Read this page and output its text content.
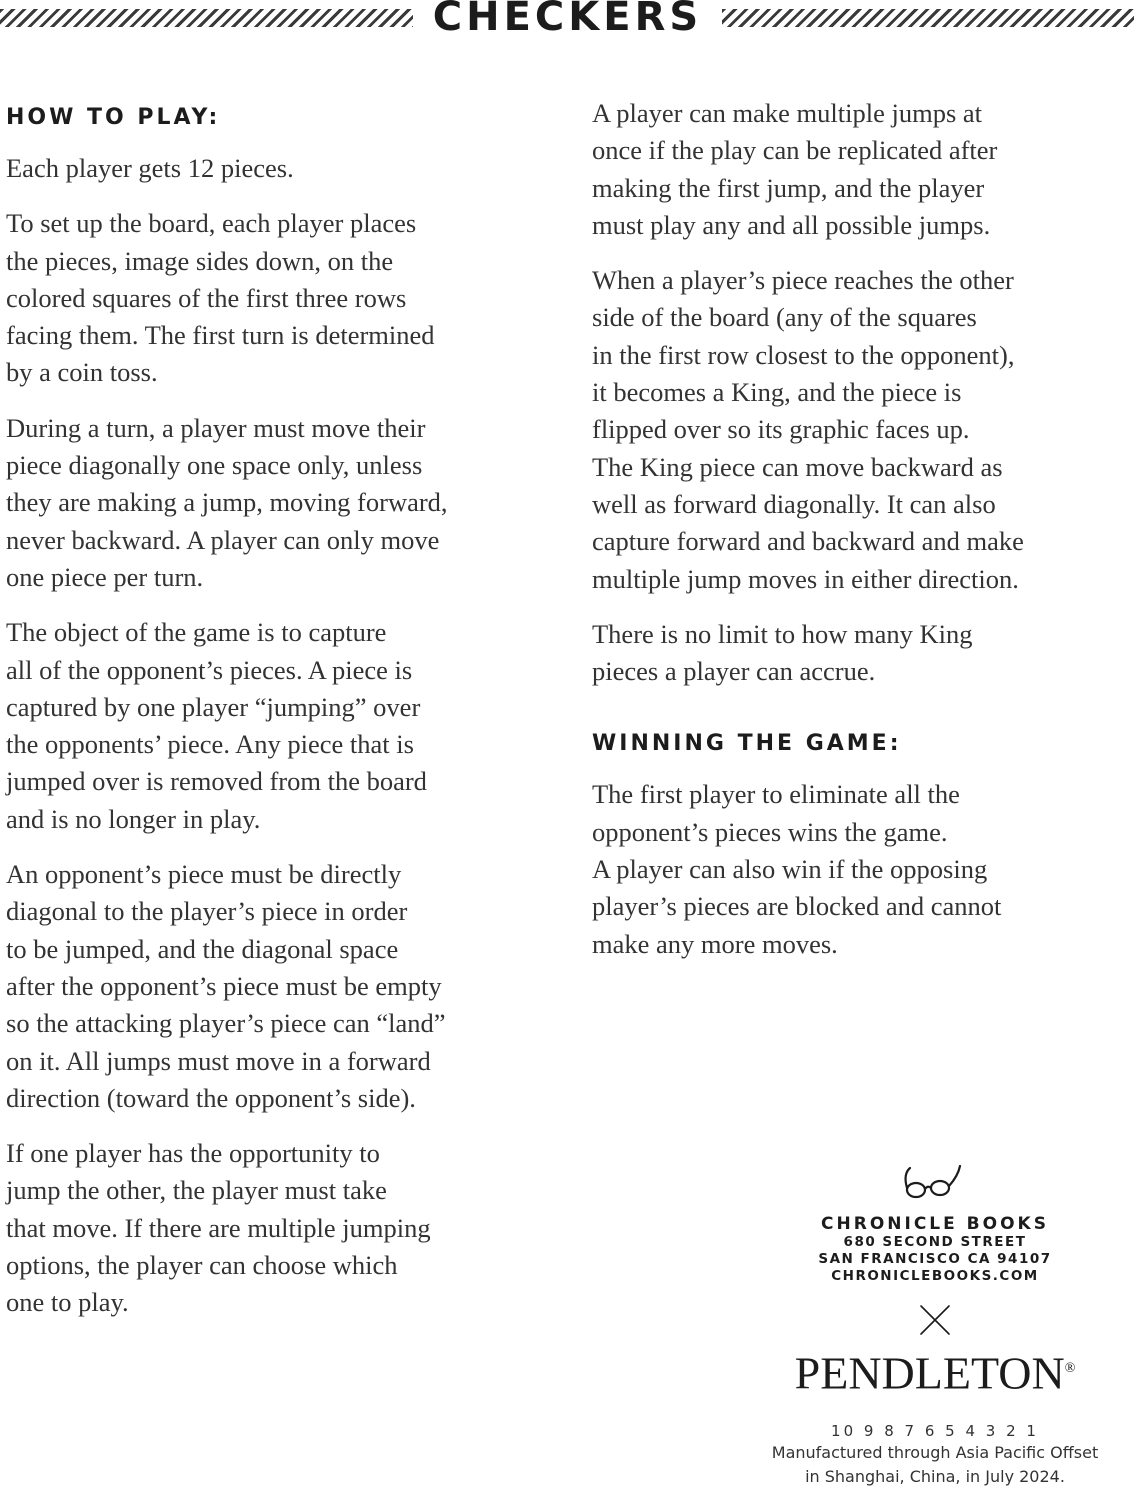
CHECKERS
HOW TO PLAY:

Each player gets 12 pieces.

To set up the board, each player places
the pieces, image sides down, on the
colored squares of the first three rows
facing them. The first turn is determined
by a coin toss.

During a turn, a player must move their
piece diagonally one space only, unless
they are making a jump, moving forward,
never backward. A player can only move
one piece per turn.

The object of the game is to capture
all of the opponent’s pieces. A piece is
captured by one player “jumping” over
the opponents’ piece. Any piece that is
jumped over is removed from the board
and is no longer in play.

An opponent’s piece must be directly
diagonal to the player’s piece in order
to be jumped, and the diagonal space
after the opponent’s piece must be empty
so the attacking player’s piece can “land”
on it. All jumps must move in a forward
direction (toward the opponent’s side).

If one player has the opportunity to
jump the other, the player must take
that move. If there are multiple jumping
options, the player can choose which
one to play.

A player can make multiple jumps at
once if the play can be replicated after
making the first jump, and the player
must play any and all possible jumps.

When a player’s piece reaches the other
side of the board (any of the squares
in the first row closest to the opponent),
it becomes a King, and the piece is
flipped over so its graphic faces up.
The King piece can move backward as
well as forward diagonally. It can also
capture forward and backward and make
multiple jump moves in either direction.

There is no limit to how many King
pieces a player can accrue.

WINNING THE GAME:

The first player to eliminate all the
opponent’s pieces wins the game.
A player can also win if the opposing
player’s pieces are blocked and cannot
make any more moves.

CHRONICLE BOOKS
680 SECOND STREET
SAN FRANCISCO CA 94107
CHRONICLEBOOKS.COM
PENDLETON®
10 9 8 7 6 5 4 3 2 1
Manufactured through Asia Pacific Offset
in Shanghai, China, in July 2024.
